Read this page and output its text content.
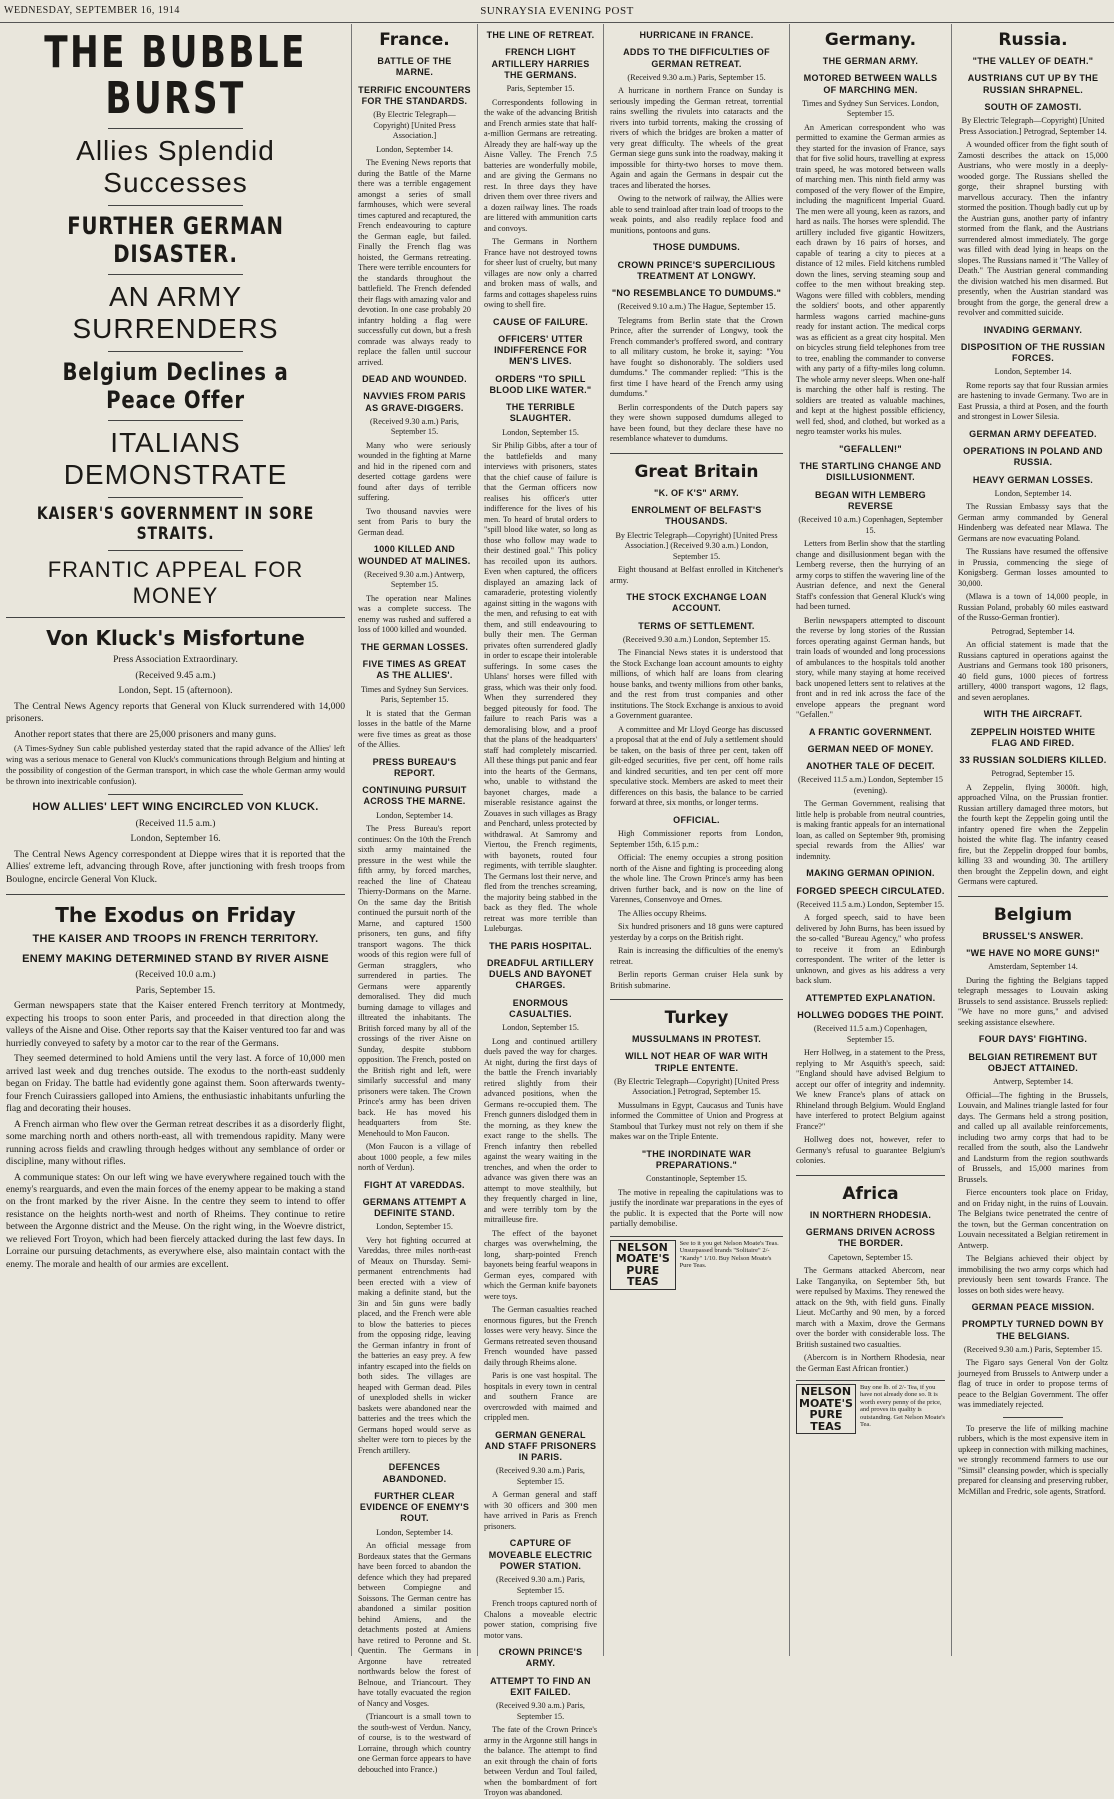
WEDNESDAY, SEPTEMBER 16, 1914	SUNRAYSIA EVENING POST
THE BUBBLE BURST
Allies Splendid Successes
FURTHER GERMAN DISASTER.
AN ARMY SURRENDERS
Belgium Declines a Peace Offer
ITALIANS DEMONSTRATE
KAISER'S GOVERNMENT IN SORE STRAITS.
FRANTIC APPEAL FOR MONEY
Von Kluck's Misfortune

Press Association Extraordinary.

(Received 9.45 a.m.)

London, Sept. 15 (afternoon).

The Central News Agency reports that General von Kluck surrendered with 14,000 prisoners.

Another report states that there are 25,000 prisoners and many guns.

(A Times-Sydney Sun cable published yesterday stated that the rapid advance of the Allies' left wing was a serious menace to General von Kluck's communications through Belgium and hinting at the possibility of congestion of the German transport, in which case the whole German army would be thrown into inextricable confusion).

HOW ALLIES' LEFT WING ENCIRCLED VON KLUCK.

(Received 11.5 a.m.)

London, September 16.

The Central News Agency correspondent at Dieppe wires that it is reported that the Allies' extreme left, advancing through Rove, after junctioning with fresh troops from Boulogne, encircle General Von Kluck.

The Exodus on Friday
THE KAISER AND TROOPS IN FRENCH TERRITORY.
ENEMY MAKING DETERMINED STAND BY RIVER AISNE

(Received 10.0 a.m.)

Paris, September 15.

German newspapers state that the Kaiser entered French territory at Montmedy, expecting his troops to soon enter Paris, and proceeded in that direction along the valleys of the Aisne and Oise. Other reports say that the Kaiser ventured too far and was hurriedly conveyed to safety by a motor car to the rear of the Germans.

They seemed determined to hold Amiens until the very last. A force of 10,000 men arrived last week and dug trenches outside. The exodus to the north-east suddenly began on Friday. The battle had evidently gone against them. Soon afterwards twenty-four French Cuirassiers galloped into Amiens, the enthusiastic inhabitants unfurling the flag and decorating their houses.

A French airman who flew over the German retreat describes it as a disorderly flight, some marching north and others north-east, all with tremendous rapidity. Many were running across fields and crawling through hedges without any semblance of order or discipline, many without rifles.

A communique states: On our left wing we have everywhere regained touch with the enemy's rearguards, and even the main forces of the enemy appear to be making a stand on the front marked by the river Aisne. In the centre they seem to intend to offer resistance on the heights north-west and north of Rheims. They continue to retire between the Argonne district and the Meuse. On the right wing, in the Woevre district, we relieved Fort Troyon, which had been fiercely attacked during the last few days. In Lorraine our pursuing detachments, as everywhere else, also maintain contact with the enemy. The morale and health of our armies are excellent.

France.
BATTLE OF THE MARNE.
TERRIFIC ENCOUNTERS FOR THE STANDARDS.

(By Electric Telegraph—Copyright) [United Press Association.]

London, September 14.

The Evening News reports that during the Battle of the Marne there was a terrible engagement amongst a series of small farmhouses, which were several times captured and recaptured, the French endeavouring to capture the German eagle, but failed. Finally the French flag was hoisted, the Germans retreating. There were terrible encounters for the standards throughout the battlefield. The French defended their flags with amazing valor and devotion. In one case probably 20 infantry holding a flag were successfully cut down, but a fresh comrade was always ready to replace the fallen until succour arrived.

DEAD AND WOUNDED.
NAVVIES FROM PARIS AS GRAVE-DIGGERS.

(Received 9.30 a.m.) Paris, September 15.

Many who were seriously wounded in the fighting at Marne and hid in the ripened corn and deserted cottage gardens were found after days of terrible suffering.

Two thousand navvies were sent from Paris to bury the German dead.

1000 KILLED AND WOUNDED AT MALINES.

(Received 9.30 a.m.) Antwerp, September 15.

The operation near Malines was a complete success. The enemy was rushed and suffered a loss of 1000 killed and wounded.

THE GERMAN LOSSES.
FIVE TIMES AS GREAT AS THE ALLIES'.

Times and Sydney Sun Services. Paris, September 15.

It is stated that the German losses in the battle of the Marne were five times as great as those of the Allies.

PRESS BUREAU'S REPORT.
CONTINUING PURSUIT ACROSS THE MARNE.

London, September 14.

The Press Bureau's report continues: On the 10th the French sixth army maintained the pressure in the west while the fifth army, by forced marches, reached the line of Chateau Thierry-Dormans on the Marne. On the same day the British continued the pursuit north of the Marne, and captured 1500 prisoners, ten guns, and fifty transport wagons. The thick woods of this region were full of German stragglers, who surrendered in parties. The Germans were apparently demoralised. They did much burning damage to villages and illtreated the inhabitants. The British forced many by all of the crossings of the river Aisne on Sunday, despite stubborn opposition. The French, posted on the British right and left, were similarly successful and many prisoners were taken. The Crown Prince's army has been driven back. He has moved his headquarters from Ste. Menehould to Mon Faucon.

(Mon Faucon is a village of about 1000 people, a few miles north of Verdun).

FIGHT AT VAREDDAS.
GERMANS ATTEMPT A DEFINITE STAND.

London, September 15.

Very hot fighting occurred at Vareddas, three miles north-east of Meaux on Thursday. Semi-permanent entrenchments had been erected with a view of making a definite stand, but the 3in and 5in guns were badly placed, and the French were able to blow the batteries to pieces from the opposing ridge, leaving the German infantry in front of the batteries an easy prey. A few infantry escaped into the fields on both sides. The villages are heaped with German dead. Piles of unexploded shells in wicker baskets were abandoned near the batteries and the trees which the Germans hoped would serve as shelter were torn to pieces by the French artillery.

DEFENCES ABANDONED.
FURTHER CLEAR EVIDENCE OF ENEMY'S ROUT.

London, September 14.

An official message from Bordeaux states that the Germans have been forced to abandon the defence which they had prepared between Compiegne and Soissons. The German centre has abandoned a similar position behind Amiens, and the detachments posted at Amiens have retired to Peronne and St. Quentin. The Germans in Argonne have retreated northwards below the forest of Belnoue, and Triancourt. They have totally evacuated the region of Nancy and Vosges.

(Triancourt is a small town to the south-west of Verdun. Nancy, of course, is to the westward of Lorraine, through which country one German force appears to have debouched into France.)

THE LINE OF RETREAT.
FRENCH LIGHT ARTILLERY HARRIES THE GERMANS.

Paris, September 15.

Correspondents following in the wake of the advancing British and French armies state that half-a-million Germans are retreating. Already they are half-way up the Aisne Valley. The French 7.5 batteries are wonderfully mobile, and are giving the Germans no rest. In three days they have driven them over three rivers and a dozen railway lines. The roads are littered with ammunition carts and convoys.

The Germans in Northern France have not destroyed towns for sheer lust of cruelty, but many villages are now only a charred and broken mass of walls, and farms and cottages shapeless ruins owing to shell fire.

CAUSE OF FAILURE.
OFFICERS' UTTER INDIFFERENCE FOR MEN'S LIVES.
ORDERS "TO SPILL BLOOD LIKE WATER."
THE TERRIBLE SLAUGHTER.

London, September 15.

Sir Philip Gibbs, after a tour of the battlefields and many interviews with prisoners, states that the chief cause of failure is that the German officers now realises his officer's utter indifference for the lives of his men. To heard of brutal orders to "spill blood like water, so long as those who follow may wade to their destined goal." This policy has recoiled upon its authors. Even when captured, the officers displayed an amazing lack of camaraderie, protesting violently against sitting in the wagons with the men, and refusing to eat with them, and still endeavouring to bully their men. The German privates often surrendered gladly in order to escape their intolerable sufferings. In some cases the Uhlans' horses were filled with grass, which was their only food. When they surrendered they begged piteously for food. The failure to reach Paris was a demoralising blow, and a proof that the plans of the headquarters' staff had completely miscarried. All these things put panic and fear into the hearts of the Germans, who, unable to withstand the bayonet charges, made a miserable resistance against the Zouaves in such villages as Bragy and Penchard, unless protected by withdrawal. At Samromy and Viertou, the French regiments, with bayonets, routed four regiments, with terrible slaughter. The Germans lost their nerve, and fled from the trenches screaming, the majority being stabbed in the back as they fled. The whole retreat was more terrible than Luleburgas.

THE PARIS HOSPITAL.
DREADFUL ARTILLERY DUELS AND BAYONET CHARGES.
ENORMOUS CASUALTIES.

London, September 15.

Long and continued artillery duels paved the way for charges. At night, during the first days of the battle the French invariably retired slightly from their advanced positions, when the Germans re-occupied them. The French gunners dislodged them in the morning, as they knew the exact range to the shells. The French infantry then rebelled against the weary waiting in the trenches, and when the order to advance was given there was an attempt to move stealthily, but they frequently charged in line, and were terribly torn by the mitrailleuse fire.

The effect of the bayonet charges was overwhelming, the long, sharp-pointed French bayonets being fearful weapons in German eyes, compared with which the German knife bayonets were toys.

The German casualties reached enormous figures, but the French losses were very heavy. Since the Germans retreated seven thousand French wounded have passed daily through Rheims alone.

Paris is one vast hospital. The hospitals in every town in central and southern France are overcrowded with maimed and crippled men.

GERMAN GENERAL AND STAFF PRISONERS IN PARIS.

(Received 9.30 a.m.) Paris, September 15.

A German general and staff with 30 officers and 300 men have arrived in Paris as French prisoners.

CAPTURE OF MOVEABLE ELECTRIC POWER STATION.

(Received 9.30 a.m.) Paris, September 15.

French troops captured north of Chalons a moveable electric power station, comprising five motor vans.

CROWN PRINCE'S ARMY.
ATTEMPT TO FIND AN EXIT FAILED.

(Received 9.30 a.m.) Paris, September 15.

The fate of the Crown Prince's army in the Argonne still hangs in the balance. The attempt to find an exit through the chain of forts between Verdun and Toul failed, when the bombardment of fort Troyon was abandoned.

HURRICANE IN FRANCE.
ADDS TO THE DIFFICULTIES OF GERMAN RETREAT.

(Received 9.30 a.m.) Paris, September 15.

A hurricane in northern France on Sunday is seriously impeding the German retreat, torrential rains swelling the rivulets into cataracts and the rivers into turbid torrents, making the crossing of rivers of which the bridges are broken a matter of very great difficulty. The wheels of the great German siege guns sunk into the roadway, making it impossible for thirty-two horses to move them. Again and again the Germans in despair cut the traces and liberated the horses.

Owing to the network of railway, the Allies were able to send trainload after train load of troops to the weak points, and also readily replace food and munitions, pontoons and guns.

THOSE DUMDUMS.
CROWN PRINCE'S SUPERCILIOUS TREATMENT AT LONGWY.
"NO RESEMBLANCE TO DUMDUMS."

(Received 9.10 a.m.) The Hague, September 15.

Telegrams from Berlin state that the Crown Prince, after the surrender of Longwy, took the French commander's proffered sword, and contrary to all military custom, he broke it, saying: "You have fought so dishonorably. The soldiers used dumdums." The commander replied: "This is the first time I have heard of the French army using dumdums."

Berlin correspondents of the Dutch papers say they were shown supposed dumdums alleged to have been found, but they declare these have no resemblance whatever to dumdums.

Great Britain
"K. OF K'S" ARMY.
ENROLMENT OF BELFAST'S THOUSANDS.

By Electric Telegraph—Copyright) [United Press Association.] (Received 9.30 a.m.) London, September 15.

Eight thousand at Belfast enrolled in Kitchener's army.

THE STOCK EXCHANGE LOAN ACCOUNT.
TERMS OF SETTLEMENT.

(Received 9.30 a.m.) London, September 15.

The Financial News states it is understood that the Stock Exchange loan account amounts to eighty millions, of which half are loans from clearing house banks, and twenty millions from other banks, and the rest from trust companies and other institutions. The Stock Exchange is anxious to avoid a Government guarantee.

A committee and Mr Lloyd George has discussed a proposal that at the end of July a settlement should be taken, on the basis of three per cent, taken off gilt-edged securities, five per cent, off home rails and kindred securities, and ten per cent off more speculative stock. Members are asked to meet their differences on this basis, the balance to be carried forward at three, six months, or longer terms.

OFFICIAL.

High Commissioner reports from London, September 15th, 6.15 p.m.:

Official: The enemy occupies a strong position north of the Aisne and fighting is proceeding along the whole line. The Crown Prince's army has been driven further back, and is now on the line of Varennes, Consenvoye and Ornes.

The Allies occupy Rheims.

Six hundred prisoners and 18 guns were captured yesterday by a corps on the British right.

Rain is increasing the difficulties of the enemy's retreat.

Berlin reports German cruiser Hela sunk by British submarine.

Turkey
MUSSULMANS IN PROTEST.
WILL NOT HEAR OF WAR WITH TRIPLE ENTENTE.

(By Electric Telegraph—Copyright) [United Press Association.] Petrograd, September 15.

Mussulmans in Egypt, Caucasus and Tunis have informed the Committee of Union and Progress at Stamboul that Turkey must not rely on them if she makes war on the Triple Entente.

"THE INORDINATE WAR PREPARATIONS."

Constantinople, September 15.

The motive in repealing the capitulations was to justify the inordinate war preparations in the eyes of the public. It is expected that the Porte will now partially demobilise.

NELSON MOATE'S PURE TEAS
See to it you get Nelson Moate's Teas. Unsurpassed brands "Solitaire" 2/- "Kandy" 1/10. Buy Nelson Moate's Pure Teas.
Germany.
THE GERMAN ARMY.
MOTORED BETWEEN WALLS OF MARCHING MEN.

Times and Sydney Sun Services. London, September 15.

An American correspondent who was permitted to examine the German armies as they started for the invasion of France, says that for five solid hours, travelling at express train speed, he was motored between walls of marching men. This ninth field army was composed of the very flower of the Empire, including the magnificent Imperial Guard. The men were all young, keen as razors, and hard as nails. The horses were splendid. The artillery included five gigantic Howitzers, each drawn by 16 pairs of horses, and capable of tearing a city to pieces at a distance of 12 miles. Field kitchens rumbled down the lines, serving steaming soup and coffee to the men without breaking step. Wagons were filled with cobblers, mending the soldiers' boots, and other apparently harmless wagons carried machine-guns ready for instant action. The medical corps was as efficient as a great city hospital. Men on bicycles strung field telephones from tree to tree, enabling the commander to converse with any party of a fifty-miles long column. The whole army never sleeps. When one-half is marching the other half is resting. The soldiers are treated as valuable machines, and kept at the highest possible efficiency, well fed, shod, and clothed, but worked as a negro teamster works his mules.

"GEFALLEN!"
THE STARTLING CHANGE AND DISILLUSIONMENT.
BEGAN WITH LEMBERG REVERSE

(Received 10 a.m.) Copenhagen, September 15.

Letters from Berlin show that the startling change and disillusionment began with the Lemberg reverse, then the hurrying of an army corps to stiffen the wavering line of the Austrian defence, and next the General Staff's confession that General Kluck's wing had been turned.

Berlin newspapers attempted to discount the reverse by long stories of the Russian forces operating against German hands, but train loads of wounded and long processions of ambulances to the hospitals told another story, while many staying at home received back unopened letters sent to relatives at the front and in red ink across the face of the envelope appears the pregnant word "Gefallen."

A FRANTIC GOVERNMENT.
GERMAN NEED OF MONEY.
ANOTHER TALE OF DECEIT.

(Received 11.5 a.m.) London, September 15 (evening).

The German Government, realising that little help is probable from neutral countries, is making frantic appeals for an international loan, as called on September 9th, promising special rewards from the Allies' war indemnity.

MAKING GERMAN OPINION.
FORGED SPEECH CIRCULATED.

(Received 11.5 a.m.) London, September 15.

A forged speech, said to have been delivered by John Burns, has been issued by the so-called "Bureau Agency," who profess to receive it from an Edinburgh correspondent. The writer of the letter is unknown, and gives as his address a very back slum.

ATTEMPTED EXPLANATION.
HOLLWEG DODGES THE POINT.

(Received 11.5 a.m.) Copenhagen, September 15.

Herr Hollweg, in a statement to the Press, replying to Mr Asquith's speech, said: "England should have advised Belgium to accept our offer of integrity and indemnity. We knew France's plans of attack on Rhineland through Belgium. Would England have interfered to protect Belgium against France?"

Hollweg does not, however, refer to Germany's refusal to guarantee Belgium's colonies.

Africa
IN NORTHERN RHODESIA.
GERMANS DRIVEN ACROSS THE BORDER.

Capetown, September 15.

The Germans attacked Abercorn, near Lake Tanganyika, on September 5th, but were repulsed by Maxims. They renewed the attack on the 9th, with field guns. Finally Lieut. McCarthy and 90 men, by a forced march with a Maxim, drove the Germans over the border with considerable loss. The British sustained two casualties.

(Abercorn is in Northern Rhodesia, near the German East African frontier.)

NELSON MOATE'S PURE TEAS
Buy one lb. of 2/- Tea, if you have not already done so. It is worth every penny of the price, and proves its quality is outstanding. Get Nelson Moate's Tea.
Russia.
"THE VALLEY OF DEATH."
AUSTRIANS CUT UP BY THE RUSSIAN SHRAPNEL.
SOUTH OF ZAMOSTI.

By Electric Telegraph—Copyright) [United Press Association.] Petrograd, September 14.

A wounded officer from the fight south of Zamosti describes the attack on 15,000 Austrians, who were mostly in a deeply-wooded gorge. The Russians shelled the gorge, their shrapnel bursting with marvellous accuracy. Then the infantry stormed the position. Though badly cut up by the Austrian guns, another party of infantry stormed from the flank, and the Austrians surrendered almost immediately. The gorge was filled with dead lying in heaps on the slopes. The Russians named it "The Valley of Death." The Austrian general commanding the division watched his men disarmed. But presently, when the Austrian standard was brought from the gorge, the general drew a revolver and committed suicide.

INVADING GERMANY.
DISPOSITION OF THE RUSSIAN FORCES.

London, September 14.

Rome reports say that four Russian armies are hastening to invade Germany. Two are in East Prussia, a third at Posen, and the fourth and strongest in Lower Silesia.

GERMAN ARMY DEFEATED.
OPERATIONS IN POLAND AND RUSSIA.
HEAVY GERMAN LOSSES.

London, September 14.

The Russian Embassy says that the German army commanded by General Hindenberg was defeated near Mlawa. The Germans are now evacuating Poland.

The Russians have resumed the offensive in Prussia, commencing the siege of Konigsberg. German losses amounted to 30,000.

(Mlawa is a town of 14,000 people, in Russian Poland, probably 60 miles eastward of the Russo-German frontier).

Petrograd, September 14.

An official statement is made that the Russians captured in operations against the Austrians and Germans took 180 prisoners, 40 field guns, 1000 pieces of fortress artillery, 4000 transport wagons, 12 flags, and seven aeroplanes.

WITH THE AIRCRAFT.
ZEPPELIN HOISTED WHITE FLAG AND FIRED.
33 RUSSIAN SOLDIERS KILLED.

Petrograd, September 15.

A Zeppelin, flying 3000ft. high, approached Vilna, on the Prussian frontier. Russian artillery damaged three motors, but the fourth kept the Zeppelin going until the infantry opened fire when the Zeppelin hoisted the white flag. The infantry ceased fire, but the Zeppelin dropped four bombs, killing 33 and wounding 30. The artillery then brought the Zeppelin down, and eight Germans were captured.

Belgium
BRUSSEL'S ANSWER.
"WE HAVE NO MORE GUNS!"

Amsterdam, September 14.

During the fighting the Belgians tapped telegraph messages to Louvain asking Brussels to send assistance. Brussels replied: "We have no more guns," and advised seeking assistance elsewhere.

FOUR DAYS' FIGHTING.
BELGIAN RETIREMENT BUT OBJECT ATTAINED.

Antwerp, September 14.

Official—The fighting in the Brussels, Louvain, and Malines triangle lasted for four days. The Germans held a strong position, and called up all available reinforcements, including two army corps that had to be recalled from the south, also the Landwehr and Landsturm from the region southwards of Brussels, and 15,000 marines from Brussels.

Fierce encounters took place on Friday, and on Friday night, in the ruins of Louvain. The Belgians twice penetrated the centre of the town, but the German concentration on Louvain necessitated a Belgian retirement in Antwerp.

The Belgians achieved their object by immobilising the two army corps which had previously been sent towards France. The losses on both sides were heavy.

GERMAN PEACE MISSION.
PROMPTLY TURNED DOWN BY THE BELGIANS.

(Received 9.30 a.m.) Paris, September 15.

The Figaro says General Von der Goltz journeyed from Brussels to Antwerp under a flag of truce in order to propose terms of peace to the Belgian Government. The offer was immediately rejected.

To preserve the life of milking machine rubbers, which is the most expensive item in upkeep in connection with milking machines, we strongly recommend farmers to use our "Simsil" cleansing powder, which is specially prepared for cleansing and preserving rubber, McMillan and Fredric, sole agents, Stratford.
